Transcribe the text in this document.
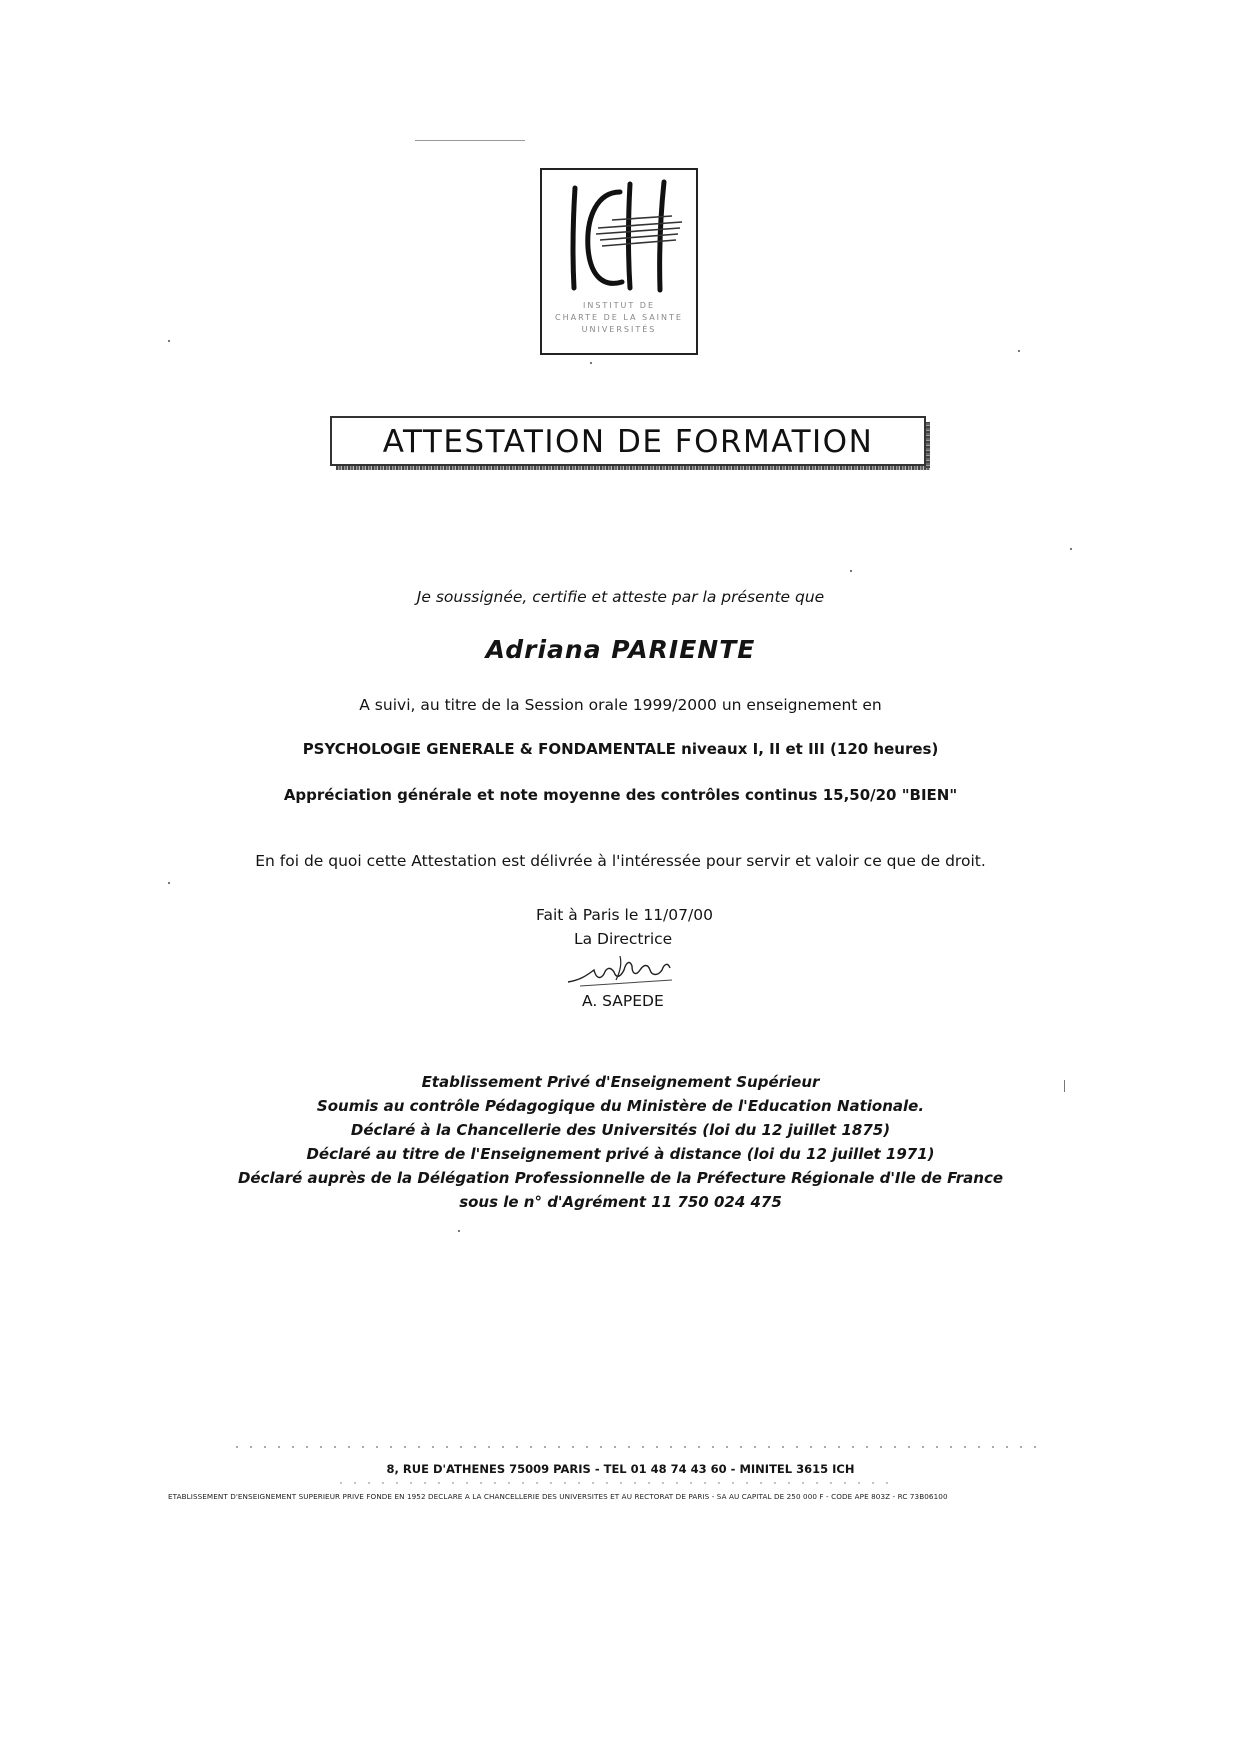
INSTITUT DE
CHARTE DE LA SAINTE
UNIVERSITÉS
ATTESTATION DE FORMATION
Je soussignée, certifie et atteste par la présente que
Adriana PARIENTE
A suivi, au titre de la Session orale 1999/2000 un enseignement en
PSYCHOLOGIE GENERALE & FONDAMENTALE niveaux I, II et III (120 heures)
Appréciation générale et note moyenne des contrôles continus 15,50/20 "BIEN"
En foi de quoi cette Attestation est délivrée à l'intéressée pour servir et valoir ce que de droit.
Fait à Paris le 11/07/00
La Directrice
A. SAPEDE
Etablissement Privé d'Enseignement Supérieur
Soumis au contrôle Pédagogique du Ministère de l'Education Nationale.
Déclaré à la Chancellerie des Universités (loi du 12 juillet 1875)
Déclaré au titre de l'Enseignement privé à distance (loi du 12 juillet 1971)
Déclaré auprès de la Délégation Professionnelle de la Préfecture Régionale d'Ile de France
sous le n° d'Agrément 11 750 024 475
8, RUE D'ATHENES 75009 PARIS - TEL 01 48 74 43 60 - MINITEL 3615 ICH
ETABLISSEMENT D'ENSEIGNEMENT SUPERIEUR PRIVE FONDE EN 1952 DECLARE A LA CHANCELLERIE DES UNIVERSITES ET AU RECTORAT DE PARIS - SA AU CAPITAL DE 250 000 F - CODE APE 803Z - RC 73B06100
